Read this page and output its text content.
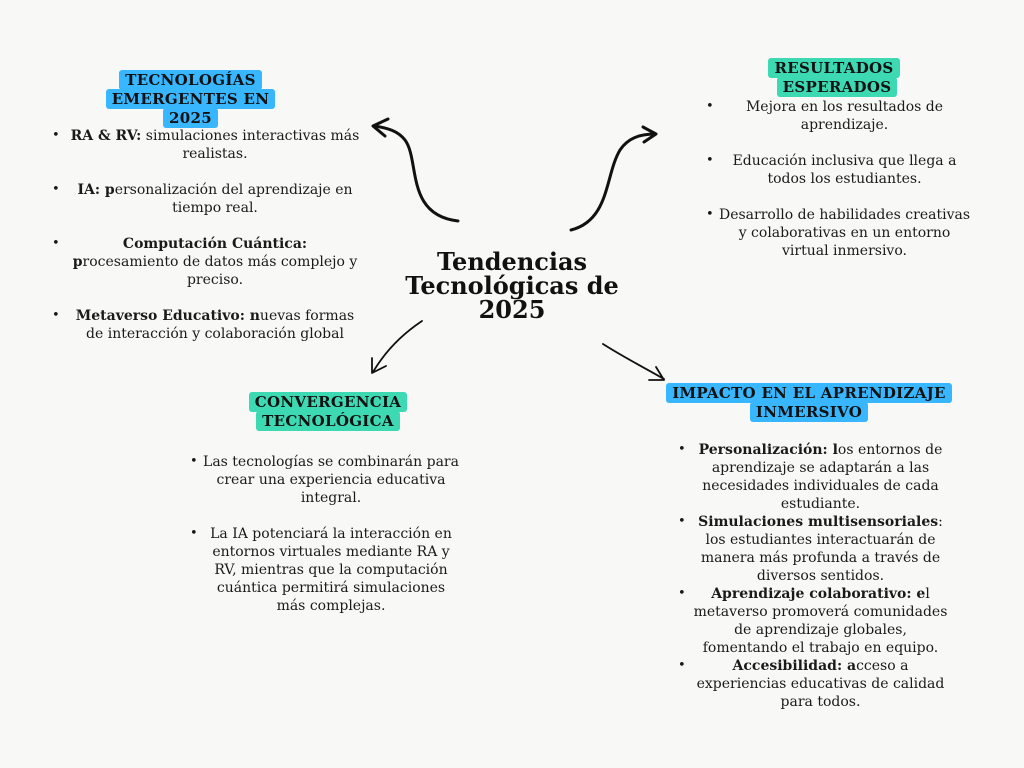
Tendencias
Tecnológicas de 2025
TECNOLOGÍAS
EMERGENTES EN 2025
• RA & RV: simulaciones interactivas más realistas.
• IA: personalización del aprendizaje en tiempo real.
• Computación Cuántica: procesamiento de datos más complejo y preciso.
• Metaverso Educativo: nuevas formas de interacción y colaboración global
RESULTADOS ESPERADOS
• Mejora en los resultados de aprendizaje.
• Educación inclusiva que llega a todos los estudiantes.
• Desarrollo de habilidades creativas y colaborativas en un entorno virtual inmersivo.
CONVERGENCIA
TECNOLÓGICA
• Las tecnologías se combinarán para crear una experiencia educativa integral.
• La IA potenciará la interacción en entornos virtuales mediante RA y RV, mientras que la computación cuántica permitirá simulaciones más complejas.
IMPACTO EN EL APRENDIZAJE
INMERSIVO
• Personalización: los entornos de aprendizaje se adaptarán a las necesidades individuales de cada estudiante.
• Simulaciones multisensoriales: los estudiantes interactuarán de manera más profunda a través de diversos sentidos.
• Aprendizaje colaborativo: el metaverso promoverá comunidades de aprendizaje globales, fomentando el trabajo en equipo.
• Accesibilidad: acceso a experiencias educativas de calidad para todos.
